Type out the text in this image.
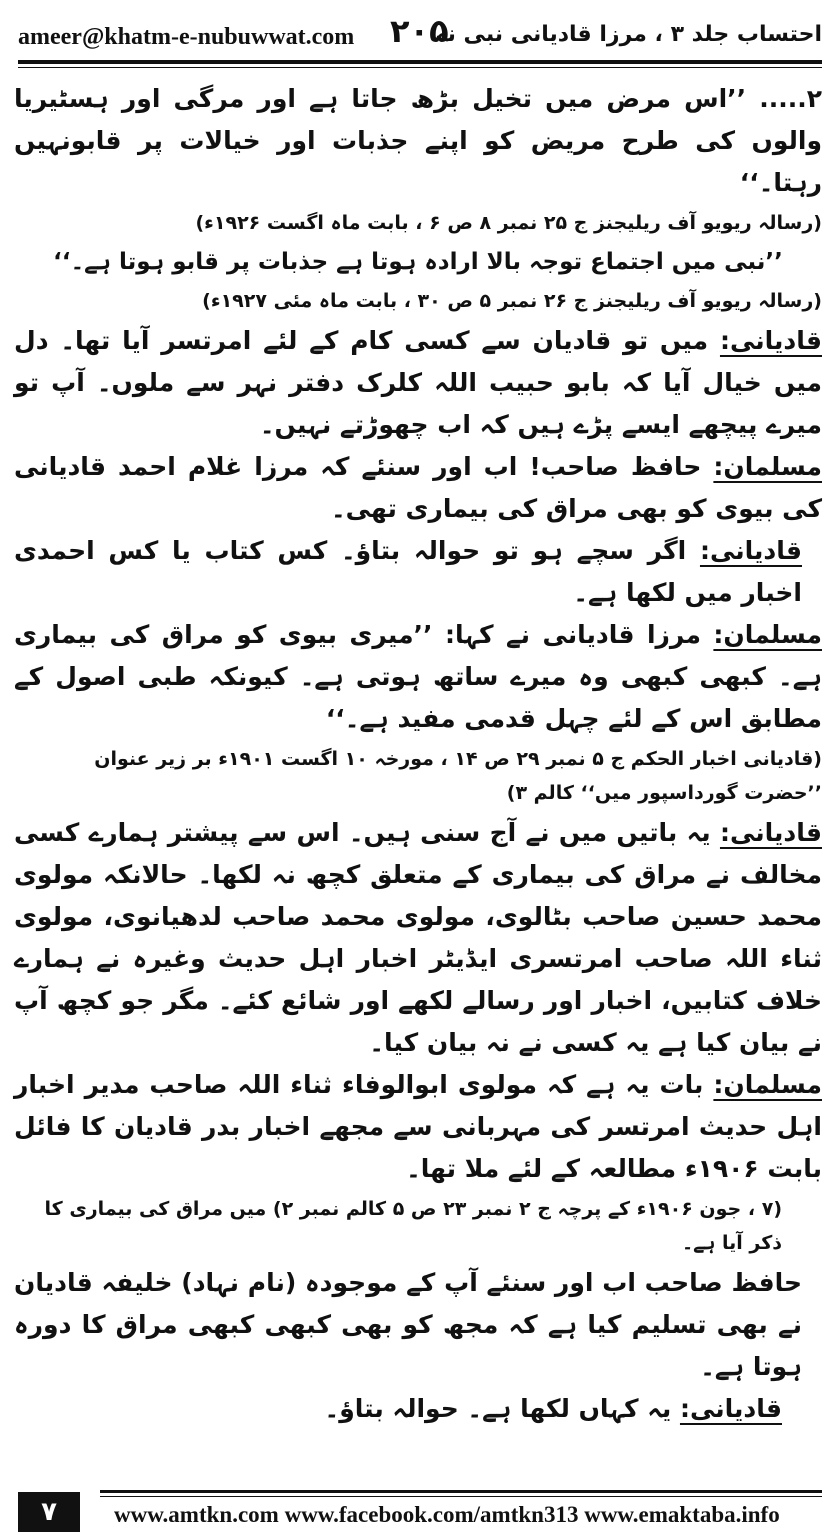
ameer@khatm-e-nubuwwat.com ۲۰۵
احتساب جلد ۳ ، مرزا قادیانی نبی نہ

۲..... ’’اس مرض میں تخیل بڑھ جاتا ہے اور مرگی اور ہسٹیریا والوں کی طرح مریض کو اپنے جذبات اور خیالات پر قابونہیں رہتا۔‘‘

(رسالہ ریویو آف ریلیجنز ج ۲۵ نمبر ۸ ص ۶ ، بابت ماہ اگست ۱۹۲۶ء)

’’نبی میں اجتماع توجہ بالا ارادہ ہوتا ہے جذبات پر قابو ہوتا ہے۔‘‘

(رسالہ ریویو آف ریلیجنز ج ۲۶ نمبر ۵ ص ۳۰ ، بابت ماہ مئی ۱۹۲۷ء)

قادیانی: میں تو قادیان سے کسی کام کے لئے امرتسر آیا تھا۔ دل میں خیال آیا کہ بابو حبیب اللہ کلرک دفتر نہر سے ملوں۔ آپ تو میرے پیچھے ایسے پڑے ہیں کہ اب چھوڑتے نہیں۔

مسلمان: حافظ صاحب! اب اور سنئے کہ مرزا غلام احمد قادیانی کی بیوی کو بھی مراق کی بیماری تھی۔

قادیانی: اگر سچے ہو تو حوالہ بتاؤ۔ کس کتاب یا کس احمدی اخبار میں لکھا ہے۔

مسلمان: مرزا قادیانی نے کہا: ’’میری بیوی کو مراق کی بیماری ہے۔ کبھی کبھی وہ میرے ساتھ ہوتی ہے۔ کیونکہ طبی اصول کے مطابق اس کے لئے چہل قدمی مفید ہے۔‘‘

(قادیانی اخبار الحکم ج ۵ نمبر ۲۹ ص ۱۴ ، مورخہ ۱۰ اگست ۱۹۰۱ء بر زیر عنوان ’’حضرت گورداسپور میں‘‘ کالم ۳)

قادیانی: یہ باتیں میں نے آج سنی ہیں۔ اس سے پیشتر ہمارے کسی مخالف نے مراق کی بیماری کے متعلق کچھ نہ لکھا۔ حالانکہ مولوی محمد حسین صاحب بٹالوی، مولوی محمد صاحب لدھیانوی، مولوی ثناء اللہ صاحب امرتسری ایڈیٹر اخبار اہل حدیث وغیرہ نے ہمارے خلاف کتابیں، اخبار اور رسالے لکھے اور شائع کئے۔ مگر جو کچھ آپ نے بیان کیا ہے یہ کسی نے نہ بیان کیا۔

مسلمان: بات یہ ہے کہ مولوی ابوالوفاء ثناء اللہ صاحب مدیر اخبار اہل حدیث امرتسر کی مہربانی سے مجھے اخبار بدر قادیان کا فائل بابت ۱۹۰۶ء مطالعہ کے لئے ملا تھا۔

(۷ ، جون ۱۹۰۶ء کے پرچہ ج ۲ نمبر ۲۳ ص ۵ کالم نمبر ۲) میں مراق کی بیماری کا ذکر آیا ہے۔

حافظ صاحب اب اور سنئے آپ کے موجودہ (نام نہاد) خلیفہ قادیان نے بھی تسلیم کیا ہے کہ مجھ کو بھی کبھی کبھی مراق کا دورہ ہوتا ہے۔

قادیانی: یہ کہاں لکھا ہے۔ حوالہ بتاؤ۔

۷	www.amtkn.com www.facebook.com/amtkn313 www.emaktaba.info
